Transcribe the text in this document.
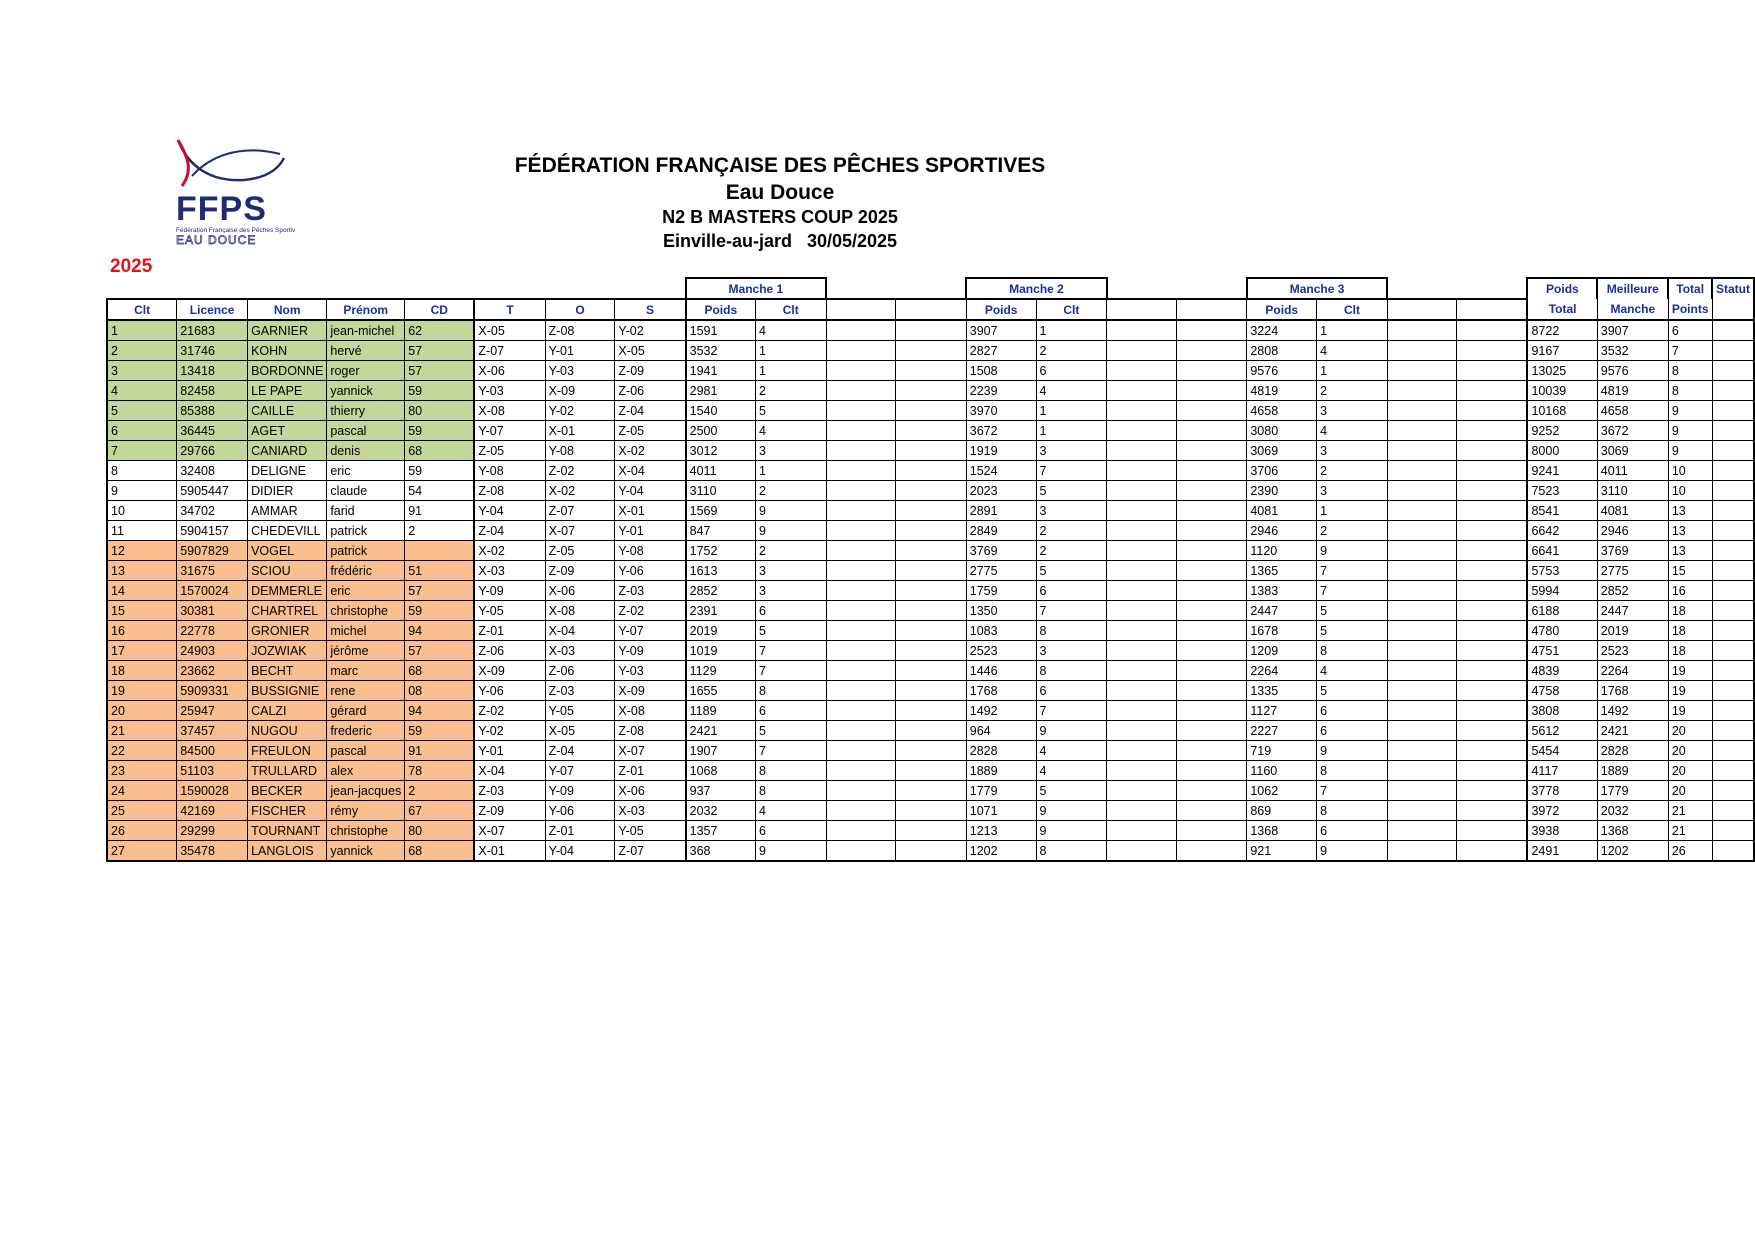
FFPS
Fédération Française des Pêches Sportives
EAU DOUCE
FÉDÉRATION FRANÇAISE DES PÊCHES SPORTIVES
Eau Douce
N2 B MASTERS COUP 2025
Einville-au-jard   30/05/2025
2025
								Manche 1				Manche 2				Manche 3				Poids	Meilleure	Total	Statut
Clt	Licence	Nom	Prénom	CD	T	O	S	Poids	Clt			Poids	Clt			Poids	Clt			Total	Manche	Points	
1	21683	GARNIER	jean-michel	62	X-05	Z-08	Y-02	1591	4			3907	1			3224	1			8722	3907	6	
2	31746	KOHN	hervé	57	Z-07	Y-01	X-05	3532	1			2827	2			2808	4			9167	3532	7	
3	13418	BORDONNE	roger	57	X-06	Y-03	Z-09	1941	1			1508	6			9576	1			13025	9576	8	
4	82458	LE PAPE	yannick	59	Y-03	X-09	Z-06	2981	2			2239	4			4819	2			10039	4819	8	
5	85388	CAILLE	thierry	80	X-08	Y-02	Z-04	1540	5			3970	1			4658	3			10168	4658	9	
6	36445	AGET	pascal	59	Y-07	X-01	Z-05	2500	4			3672	1			3080	4			9252	3672	9	
7	29766	CANIARD	denis	68	Z-05	Y-08	X-02	3012	3			1919	3			3069	3			8000	3069	9	
8	32408	DELIGNE	eric	59	Y-08	Z-02	X-04	4011	1			1524	7			3706	2			9241	4011	10	
9	5905447	DIDIER	claude	54	Z-08	X-02	Y-04	3110	2			2023	5			2390	3			7523	3110	10	
10	34702	AMMAR	farid	91	Y-04	Z-07	X-01	1569	9			2891	3			4081	1			8541	4081	13	
11	5904157	CHEDEVILL	patrick	2	Z-04	X-07	Y-01	847	9			2849	2			2946	2			6642	2946	13	
12	5907829	VOGEL	patrick		X-02	Z-05	Y-08	1752	2			3769	2			1120	9			6641	3769	13	
13	31675	SCIOU	frédéric	51	X-03	Z-09	Y-06	1613	3			2775	5			1365	7			5753	2775	15	
14	1570024	DEMMERLE	eric	57	Y-09	X-06	Z-03	2852	3			1759	6			1383	7			5994	2852	16	
15	30381	CHARTREL	christophe	59	Y-05	X-08	Z-02	2391	6			1350	7			2447	5			6188	2447	18	
16	22778	GRONIER	michel	94	Z-01	X-04	Y-07	2019	5			1083	8			1678	5			4780	2019	18	
17	24903	JOZWIAK	jérôme	57	Z-06	X-03	Y-09	1019	7			2523	3			1209	8			4751	2523	18	
18	23662	BECHT	marc	68	X-09	Z-06	Y-03	1129	7			1446	8			2264	4			4839	2264	19	
19	5909331	BUSSIGNIE	rene	08	Y-06	Z-03	X-09	1655	8			1768	6			1335	5			4758	1768	19	
20	25947	CALZI	gérard	94	Z-02	Y-05	X-08	1189	6			1492	7			1127	6			3808	1492	19	
21	37457	NUGOU	frederic	59	Y-02	X-05	Z-08	2421	5			964	9			2227	6			5612	2421	20	
22	84500	FREULON	pascal	91	Y-01	Z-04	X-07	1907	7			2828	4			719	9			5454	2828	20	
23	51103	TRULLARD	alex	78	X-04	Y-07	Z-01	1068	8			1889	4			1160	8			4117	1889	20	
24	1590028	BECKER	jean-jacques	2	Z-03	Y-09	X-06	937	8			1779	5			1062	7			3778	1779	20	
25	42169	FISCHER	rémy	67	Z-09	Y-06	X-03	2032	4			1071	9			869	8			3972	2032	21	
26	29299	TOURNANT	christophe	80	X-07	Z-01	Y-05	1357	6			1213	9			1368	6			3938	1368	21	
27	35478	LANGLOIS	yannick	68	X-01	Y-04	Z-07	368	9			1202	8			921	9			2491	1202	26	
